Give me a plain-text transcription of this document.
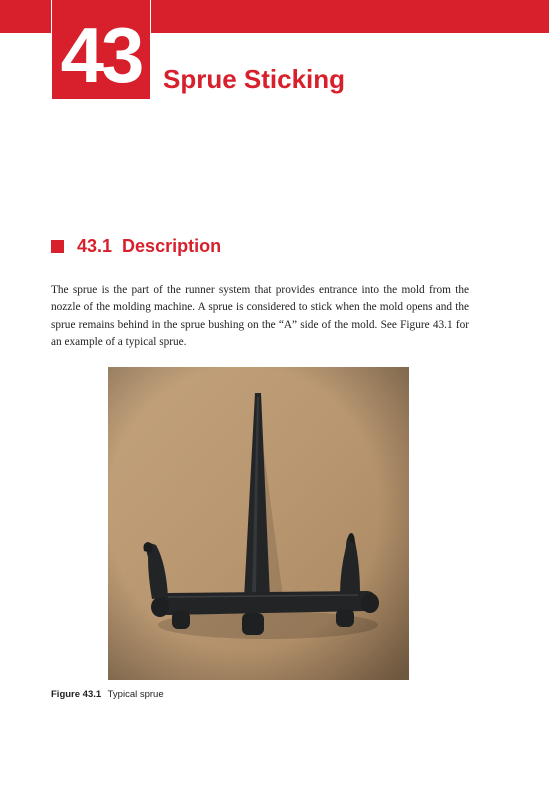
43 Sprue Sticking
43.1 Description

The sprue is the part of the runner system that provides entrance into the mold from the nozzle of the molding machine. A sprue is considered to stick when the mold opens and the sprue remains behind in the sprue bushing on the “A” side of the mold. See Figure 43.1 for an example of a typical sprue.

Figure 43.1 Typical sprue
